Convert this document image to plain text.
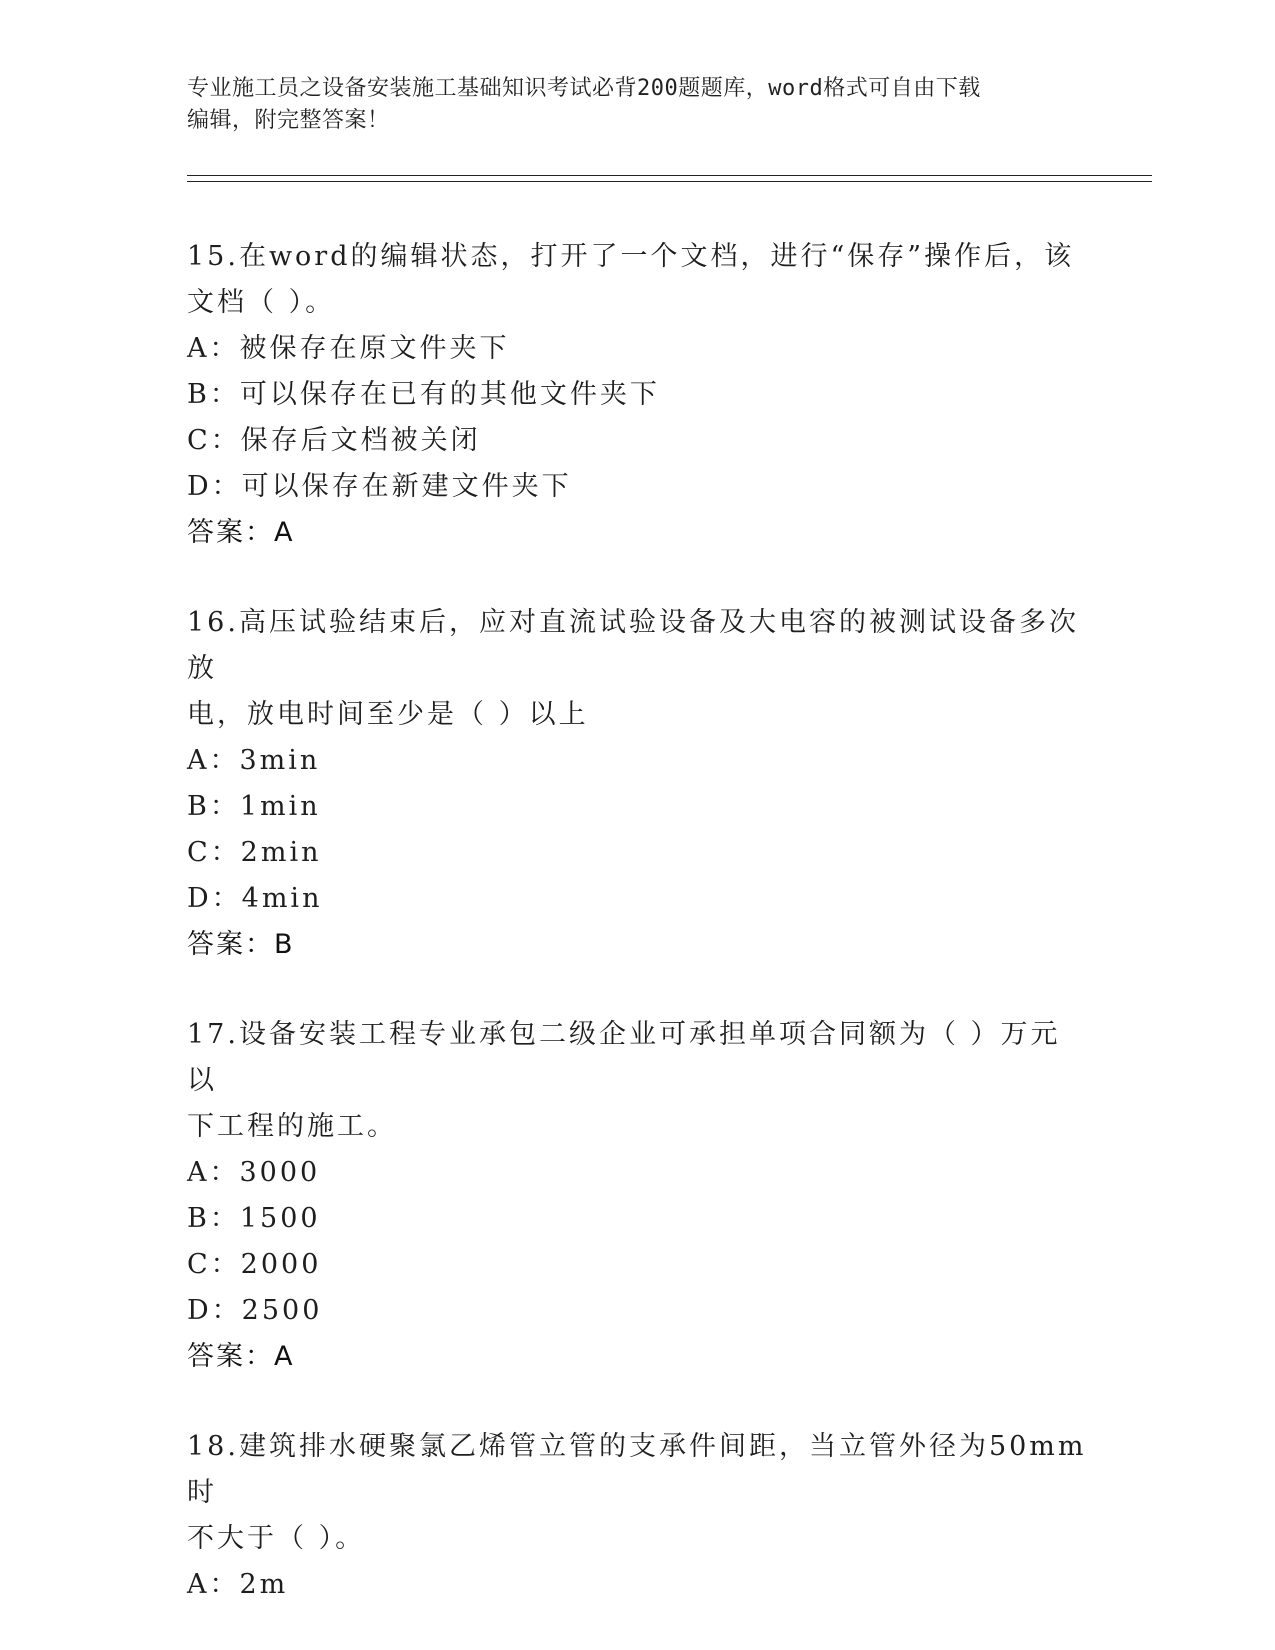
专业施工员之设备安装施工基础知识考试必背200题题库，word格式可自由下载
编辑，附完整答案！
15.在word的编辑状态，打开了一个文档，进行“保存”操作后，该
文档（ ）。
A：被保存在原文件夹下
B：可以保存在已有的其他文件夹下
C：保存后文档被关闭
D：可以保存在新建文件夹下
答案：A
16.高压试验结束后，应对直流试验设备及大电容的被测试设备多次放
电，放电时间至少是（ ）以上
A：3min
B：1min
C：2min
D：4min
答案：B
17.设备安装工程专业承包二级企业可承担单项合同额为（ ）万元以
下工程的施工。
A：3000
B：1500
C：2000
D：2500
答案：A
18.建筑排水硬聚氯乙烯管立管的支承件间距，当立管外径为50mm时
不大于（ ）。
A：2m
